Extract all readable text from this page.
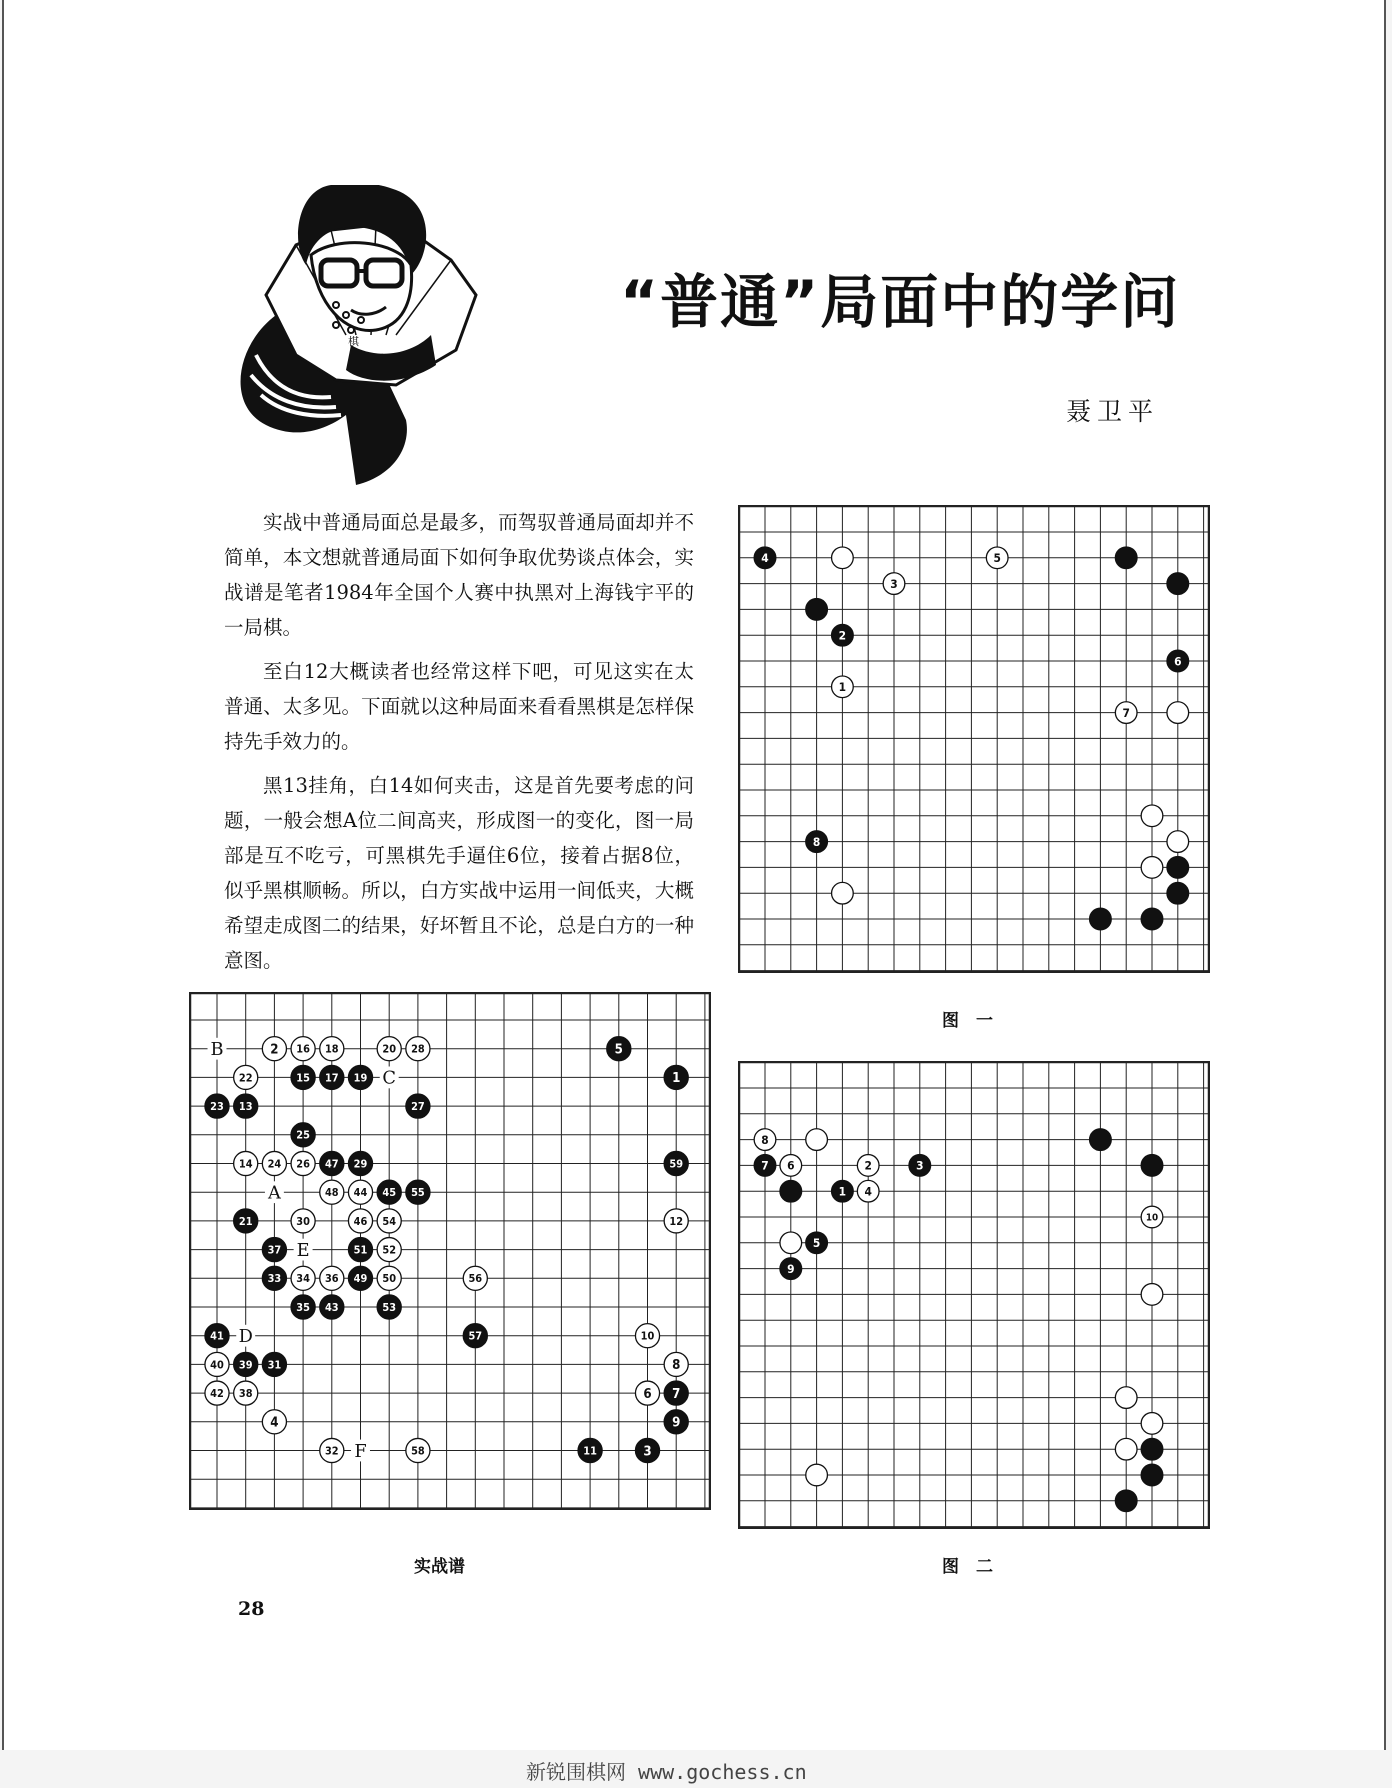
棋
“普通”局面中的学问
聂卫平

实战中普通局面总是最多，而驾驭普通局面却并不简单，本文想就普通局面下如何争取优势谈点体会，实战谱是笔者1984年全国个人赛中执黑对上海钱宇平的一局棋。

至白12大概读者也经常这样下吧，可见这实在太普通、太多见。下面就以这种局面来看看黑棋是怎样保持先手效力的。

黑13挂角，白14如何夹击，这是首先要考虑的问题，一般会想A位二间高夹，形成图一的变化，图一局部是互不吃亏，可黑棋先手逼住6位，接着占据8位，似乎黑棋顺畅。所以，白方实战中运用一间低夹，大概希望走成图二的结果，好坏暂且不论，总是白方的一种意图。

4	5
3
2
6
1
7
8
2 16 18	20 28	5
22	15 17 19	1
23 13	27
25
14 24 26 47 29	59
48 44 45 55
21	30	46 54	12
37	51 52
33 34 36 49 50	56
35 43	53
41	57	10
40 39 31	8
42 38	6 7
4	9
32	58	11	3
B
C
A
E
D
F
8
7 6	2	3
1 4
10
5
9
图　一
实战谱	图　二
28
新锐围棋网 www.gochess.cn
